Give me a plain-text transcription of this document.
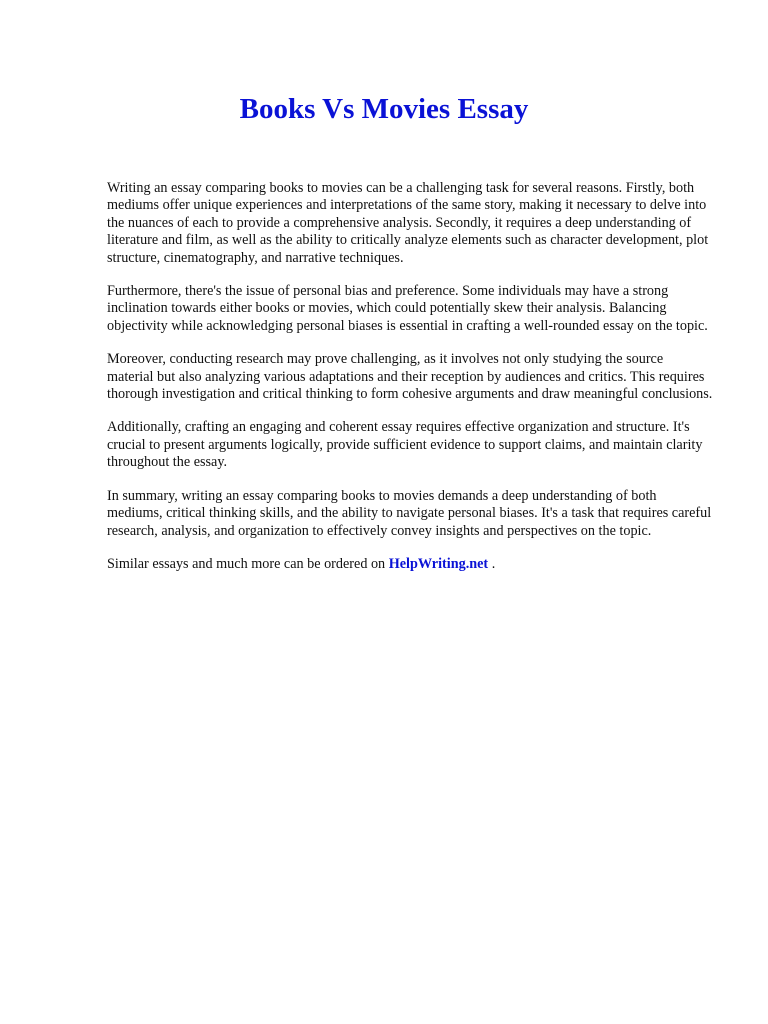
Books Vs Movies Essay

Writing an essay comparing books to movies can be a challenging task for several reasons. Firstly, both mediums offer unique experiences and interpretations of the same story, making it necessary to delve into the nuances of each to provide a comprehensive analysis. Secondly, it requires a deep understanding of literature and film, as well as the ability to critically analyze elements such as character development, plot structure, cinematography, and narrative techniques.

Furthermore, there's the issue of personal bias and preference. Some individuals may have a strong inclination towards either books or movies, which could potentially skew their analysis. Balancing objectivity while acknowledging personal biases is essential in crafting a well-rounded essay on the topic.

Moreover, conducting research may prove challenging, as it involves not only studying the source material but also analyzing various adaptations and their reception by audiences and critics. This requires thorough investigation and critical thinking to form cohesive arguments and draw meaningful conclusions.

Additionally, crafting an engaging and coherent essay requires effective organization and structure. It's crucial to present arguments logically, provide sufficient evidence to support claims, and maintain clarity throughout the essay.

In summary, writing an essay comparing books to movies demands a deep understanding of both mediums, critical thinking skills, and the ability to navigate personal biases. It's a task that requires careful research, analysis, and organization to effectively convey insights and perspectives on the topic.

Similar essays and much more can be ordered on HelpWriting.net .
